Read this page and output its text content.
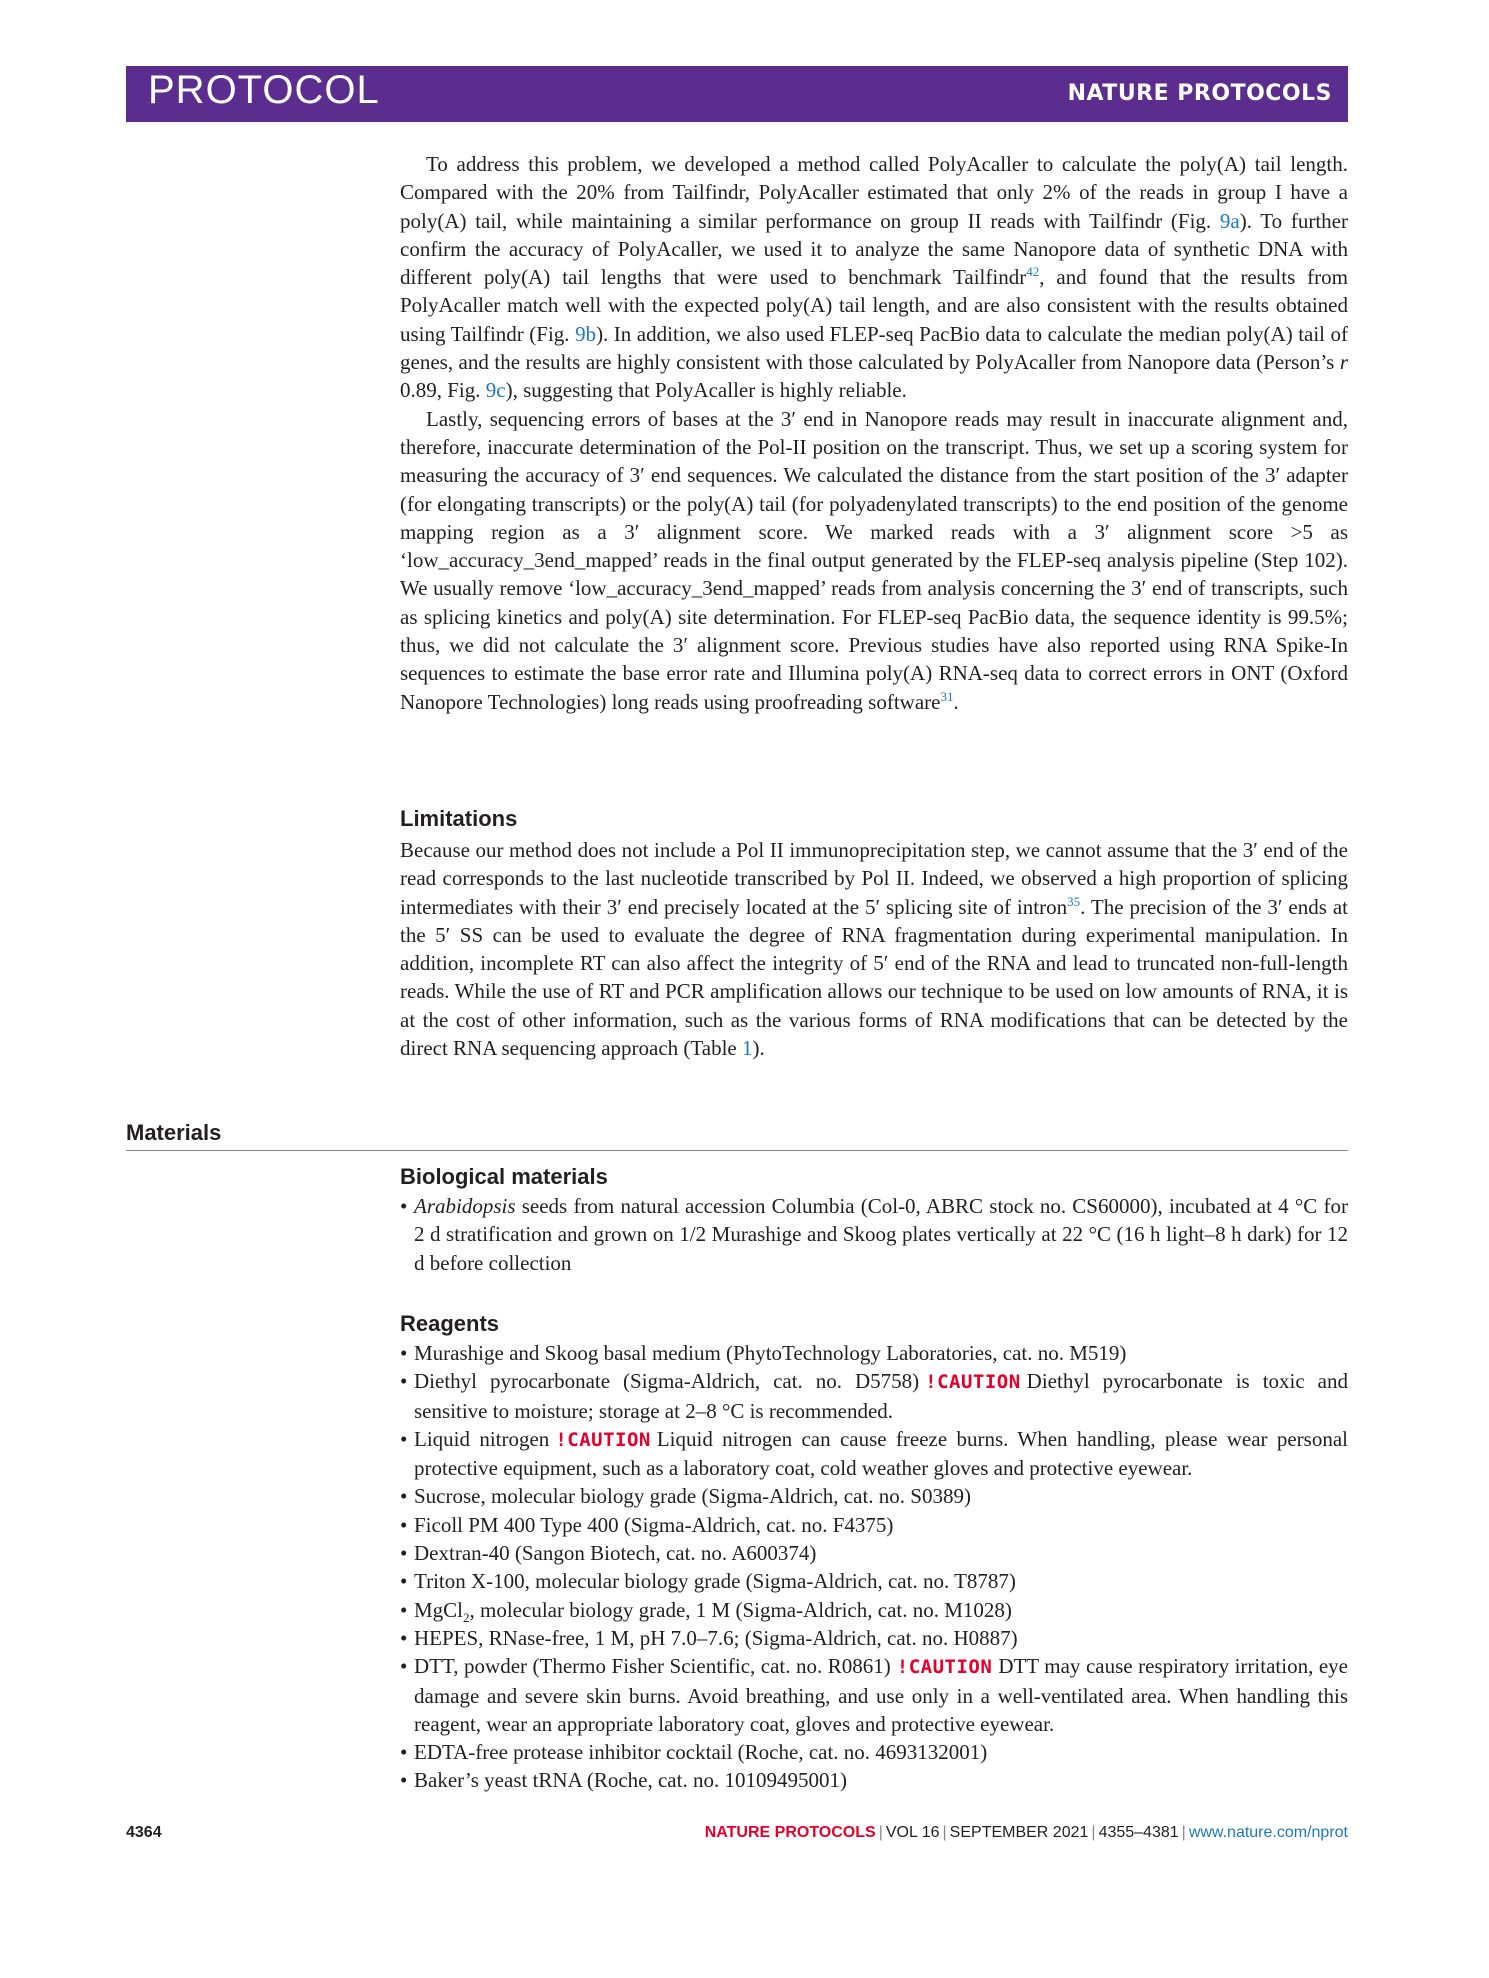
PROTOCOL	NATURE PROTOCOLS

To address this problem, we developed a method called PolyAcaller to calculate the poly(A) tail length. Compared with the 20% from Tailfindr, PolyAcaller estimated that only 2% of the reads in group I have a poly(A) tail, while maintaining a similar performance on group II reads with Tailfindr (Fig. 9a). To further confirm the accuracy of PolyAcaller, we used it to analyze the same Nanopore data of synthetic DNA with different poly(A) tail lengths that were used to benchmark Tailfindr$^{42}$, and found that the results from PolyAcaller match well with the expected poly(A) tail length, and are also consistent with the results obtained using Tailfindr (Fig. 9b). In addition, we also used FLEP-seq PacBio data to calculate the median poly(A) tail of genes, and the results are highly consistent with those calculated by PolyAcaller from Nanopore data (Person’s r 0.89, Fig. 9c), suggesting that PolyAcaller is highly reliable.

Lastly, sequencing errors of bases at the 3′ end in Nanopore reads may result in inaccurate alignment and, therefore, inaccurate determination of the Pol-II position on the transcript. Thus, we set up a scoring system for measuring the accuracy of 3′ end sequences. We calculated the distance from the start position of the 3′ adapter (for elongating transcripts) or the poly(A) tail (for polyadenylated transcripts) to the end position of the genome mapping region as a 3′ alignment score. We marked reads with a 3′ alignment score >5 as ‘low_accuracy_3end_mapped’ reads in the final output generated by the FLEP-seq analysis pipeline (Step 102). We usually remove ‘low_accuracy_3end_mapped’ reads from analysis concerning the 3′ end of transcripts, such as splicing kinetics and poly(A) site determination. For FLEP-seq PacBio data, the sequence identity is 99.5%; thus, we did not calculate the 3′ alignment score. Previous studies have also reported using RNA Spike-In sequences to estimate the base error rate and Illumina poly(A) RNA-seq data to correct errors in ONT (Oxford Nanopore Technologies) long reads using proofreading software$^{31}$.

Limitations

Because our method does not include a Pol II immunoprecipitation step, we cannot assume that the 3′ end of the read corresponds to the last nucleotide transcribed by Pol II. Indeed, we observed a high proportion of splicing intermediates with their 3′ end precisely located at the 5′ splicing site of intron$^{35}$. The precision of the 3′ ends at the 5′ SS can be used to evaluate the degree of RNA fragmentation during experimental manipulation. In addition, incomplete RT can also affect the integrity of 5′ end of the RNA and lead to truncated non-full-length reads. While the use of RT and PCR amplification allows our technique to be used on low amounts of RNA, it is at the cost of other information, such as the various forms of RNA modifications that can be detected by the direct RNA sequencing approach (Table 1).

Materials
Biological materials
• Arabidopsis seeds from natural accession Columbia (Col-0, ABRC stock no. CS60000), incubated at 4 °C for 2 d stratification and grown on 1/2 Murashige and Skoog plates vertically at 22 °C (16 h light–8 h dark) for 12 d before collection
Reagents
• Murashige and Skoog basal medium (PhytoTechnology Laboratories, cat. no. M519)
• Diethyl pyrocarbonate (Sigma-Aldrich, cat. no. D5758) !CAUTION Diethyl pyrocarbonate is toxic and sensitive to moisture; storage at 2–8 °C is recommended.
• Liquid nitrogen !CAUTION Liquid nitrogen can cause freeze burns. When handling, please wear personal protective equipment, such as a laboratory coat, cold weather gloves and protective eyewear.
• Sucrose, molecular biology grade (Sigma-Aldrich, cat. no. S0389)
• Ficoll PM 400 Type 400 (Sigma-Aldrich, cat. no. F4375)
• Dextran-40 (Sangon Biotech, cat. no. A600374)
• Triton X-100, molecular biology grade (Sigma-Aldrich, cat. no. T8787)
• MgCl$_2$, molecular biology grade, 1 M (Sigma-Aldrich, cat. no. M1028)
• HEPES, RNase-free, 1 M, pH 7.0–7.6; (Sigma-Aldrich, cat. no. H0887)
• DTT, powder (Thermo Fisher Scientific, cat. no. R0861) !CAUTION DTT may cause respiratory irritation, eye damage and severe skin burns. Avoid breathing, and use only in a well-ventilated area. When handling this reagent, wear an appropriate laboratory coat, gloves and protective eyewear.
• EDTA-free protease inhibitor cocktail (Roche, cat. no. 4693132001)
• Baker’s yeast tRNA (Roche, cat. no. 10109495001)
4364	NATURE PROTOCOLS | VOL 16 | SEPTEMBER 2021 | 4355–4381 | www.nature.com/nprot
